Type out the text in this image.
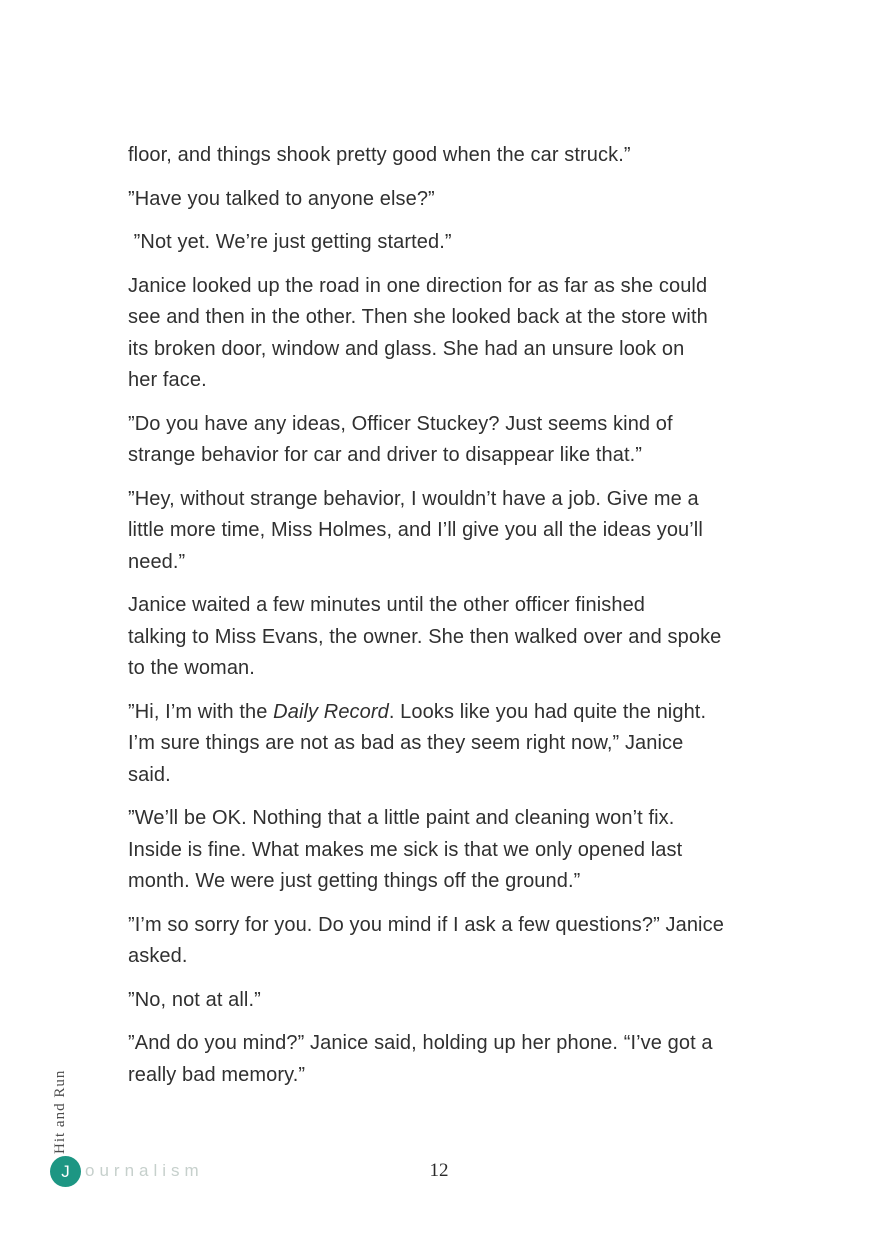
floor, and things shook pretty good when the car struck.”

”Have you talked to anyone else?”

”Not yet. We’re just getting started.”

Janice looked up the road in one direction for as far as she could
see and then in the other. Then she looked back at the store with
its broken door, window and glass. She had an unsure look on
her face.

”Do you have any ideas, Officer Stuckey? Just seems kind of
strange behavior for car and driver to disappear like that.”

”Hey, without strange behavior, I wouldn’t have a job. Give me a
little more time, Miss Holmes, and I’ll give you all the ideas you’ll
need.”

Janice waited a few minutes until the other officer finished
talking to Miss Evans, the owner. She then walked over and spoke
to the woman.

”Hi, I’m with the Daily Record. Looks like you had quite the night.
I’m sure things are not as bad as they seem right now,” Janice
said.

”We’ll be OK. Nothing that a little paint and cleaning won’t fix.
Inside is fine. What makes me sick is that we only opened last
month. We were just getting things off the ground.”

”I’m so sorry for you. Do you mind if I ask a few questions?” Janice
asked.

”No, not at all.”

”And do you mind?” Janice said, holding up her phone. “I’ve got a
really bad memory.”

Hit and Run
J ournalism	12
